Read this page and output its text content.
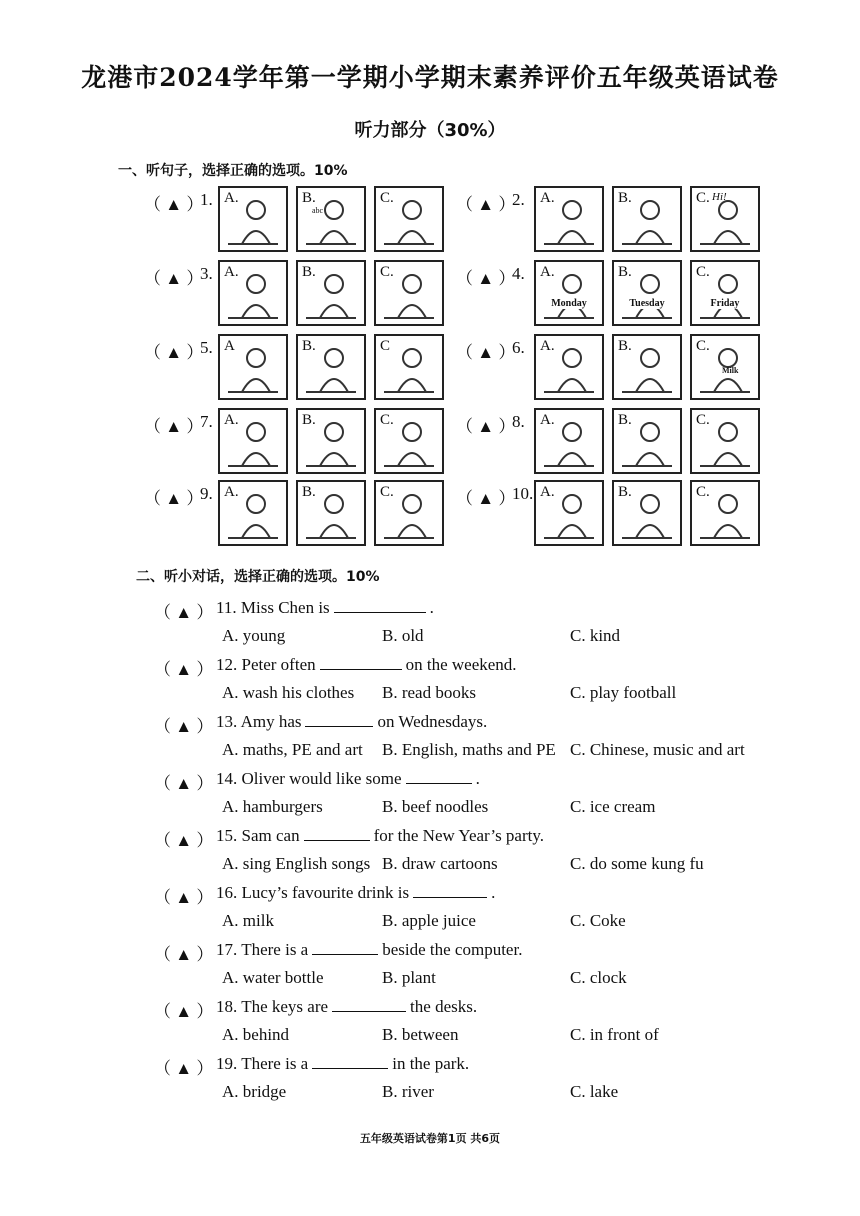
龙港市2024学年第一学期小学期末素养评价五年级英语试卷
听力部分（30%）
一、听句子，选择正确的选项。10%
（ ▲ ）
1. A.	B.
abc
C.	（ ▲ ）
2. A.	B.	C. Hi!
（ ▲ ）
3. A.	B.	C.	（ ▲ ）
4. A.
Monday
B.
Tuesday
C.
Friday
（ ▲ ）
5. A	B.	C	（ ▲ ）
6. A.	B.	C.
Milk
（ ▲ ）
7. A.	B.	C.	（ ▲ ）
8. A.	B.	C.
（ ▲ ）
9. A.	B.	C.	（ ▲ ）
10. A.	B.	C.
二、听小对话，选择正确的选项。10%
（ ▲ ） 11. Miss Chen is	.
A. young	B. old	C. kind
（ ▲ ） 12. Peter often	on the weekend.
A. wash his clothes B. read books	C. play football
（ ▲ ） 13. Amy has	on Wednesdays.
A. maths, PE and art B. English, maths and PE C. Chinese, music and art
（ ▲ ） 14. Oliver would like some	.
A. hamburgers	B. beef noodles	C. ice cream
（ ▲ ） 15. Sam can	for the New Year’s party.
A. sing English songs B. draw cartoons	C. do some kung fu
（ ▲ ） 16. Lucy’s favourite drink is	.
A. milk	B. apple juice	C. Coke
（ ▲ ） 17. There is a	beside the computer.
A. water bottle	B. plant	C. clock
（ ▲ ） 18. The keys are	the desks.
A. behind	B. between	C. in front of
（ ▲ ） 19. There is a	in the park.
A. bridge	B. river	C. lake
五年级英语试卷第1页 共6页
